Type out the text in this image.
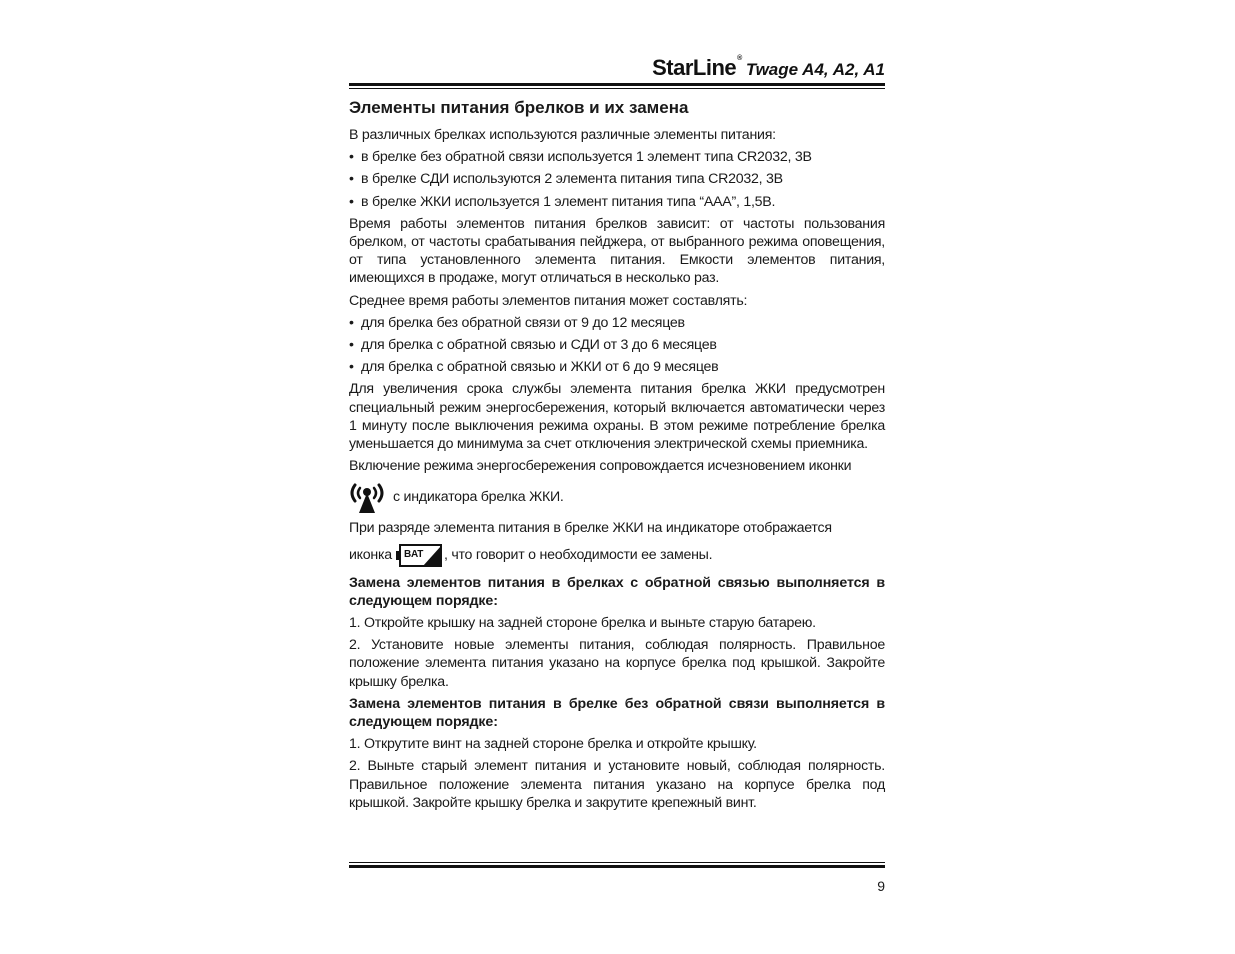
StarLine®
Twage A4, A2, A1
Элементы питания брелков и их замена

В различных брелках используются различные элементы питания:

• в брелке без обратной связи используется 1 элемент типа CR2032, 3В
• в брелке СДИ используются 2 элемента питания типа CR2032, 3В
• в брелке ЖКИ используется 1 элемент питания типа “AAA”, 1,5В.

Время работы элементов питания брелков зависит: от частоты пользования брелком, от частоты срабатывания пейджера, от выбранного режима оповещения, от типа установленного элемента питания. Емкости элементов питания, имеющихся в продаже, могут отличаться в несколько раз.

Среднее время работы элементов питания может составлять:

• для брелка без обратной связи от 9 до 12 месяцев
• для брелка с обратной связью и СДИ от 3 до 6 месяцев
• для брелка с обратной связью и ЖКИ от 6 до 9 месяцев

Для увеличения срока службы элемента питания брелка ЖКИ предусмотрен специальный режим энергосбережения, который включается автоматически через 1 минуту после выключения режима охраны. В этом режиме потребление брелка уменьшается до минимума за счет отключения электрической схемы приемника.

Включение режима энергосбережения сопровождается исчезновением иконки

с индикатора брелка ЖКИ.

При разряде элемента питания в брелке ЖКИ на индикаторе отображается

иконка BAT , что говорит о необходимости ее замены.

Замена элементов питания в брелках с обратной связью выполняется в следующем порядке:

1. Откройте крышку на задней стороне брелка и выньте старую батарею.

2. Установите новые элементы питания, соблюдая полярность. Правильное положение элемента питания указано на корпусе брелка под крышкой. Закройте крышку брелка.

Замена элементов питания в брелке без обратной связи выполняется в следующем порядке:

1. Открутите винт на задней стороне брелка и откройте крышку.

2. Выньте старый элемент питания и установите новый, соблюдая полярность. Правильное положение элемента питания указано на корпусе брелка под крышкой. Закройте крышку брелка и закрутите крепежный винт.

9
